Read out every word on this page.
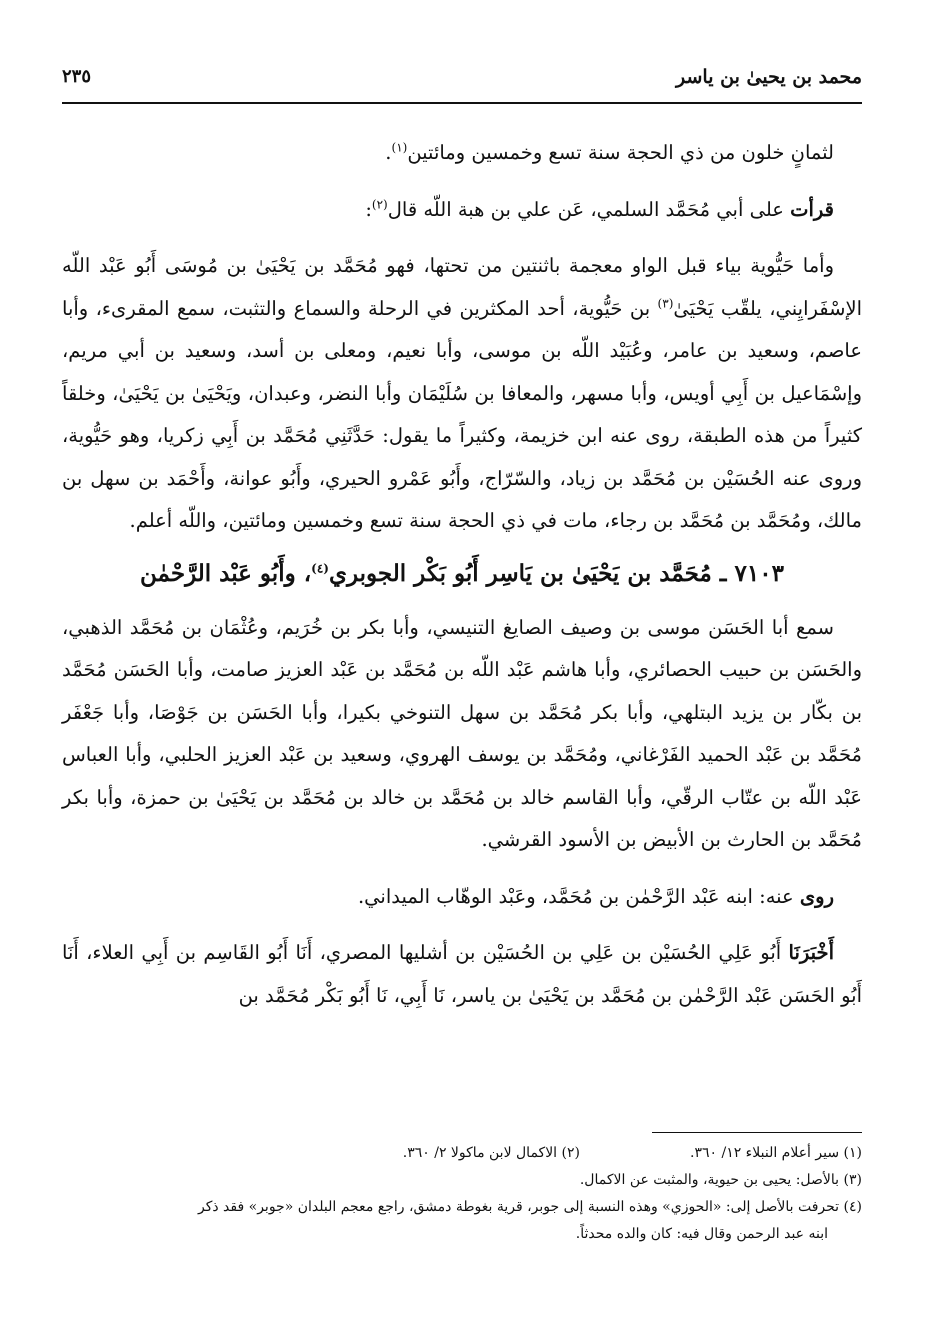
محمد بن يحيىٰ بن ياسر
٢٣٥

لثمانٍ خلون من ذي الحجة سنة تسع وخمسين ومائتين$^{(١)}$.

قرأت على أبي مُحَمَّد السلمي، عَن علي بن هبة اللّه قال$^{(٢)}$:

وأما حَيُّوية بياء قبل الواو معجمة باثنتين من تحتها، فهو مُحَمَّد بن يَحْيَىٰ بن مُوسَى أَبُو عَبْد اللّه الإسْفَرايِني، يلقّب يَحْيَىٰ$^{(٣)}$ بن حَيُّوية، أحد المكثرين في الرحلة والسماع والتثبت، سمع المقرىء، وأبا عاصم، وسعيد بن عامر، وعُبَيْد اللّه بن موسى، وأبا نعيم، ومعلى بن أسد، وسعيد بن أبي مريم، وإسْمَاعيل بن أَبِي أويس، وأبا مسهر، والمعافا بن سُلَيْمَان وأبا النضر، وعبدان، ويَحْيَىٰ بن يَحْيَىٰ، وخلقاً كثيراً من هذه الطبقة، روى عنه ابن خزيمة، وكثيراً ما يقول: حَدَّثَنِي مُحَمَّد بن أَبِي زكريا، وهو حَيُّوية، وروى عنه الحُسَيْن بن مُحَمَّد بن زياد، والسّرّاج، وأَبُو عَمْرو الحيري، وأَبُو عوانة، وأَحْمَد بن سهل بن مالك، ومُحَمَّد بن مُحَمَّد بن رجاء، مات في ذي الحجة سنة تسع وخمسين ومائتين، واللّه أعلم.

٧١٠٣ ـ مُحَمَّد بن يَحْيَىٰ بن يَاسِر أَبُو بَكْر الجوبري$^{(٤)}$، وأَبُو عَبْد الرَّحْمٰن

سمع أبا الحَسَن موسى بن وصيف الصايغ التنيسي، وأبا بكر بن خُرَيم، وعُثْمَان بن مُحَمَّد الذهبي، والحَسَن بن حبيب الحصائري، وأبا هاشم عَبْد اللّه بن مُحَمَّد بن عَبْد العزيز صامت، وأبا الحَسَن مُحَمَّد بن بكّار بن يزيد البتلهي، وأبا بكر مُحَمَّد بن سهل التنوخي بكيرا، وأبا الحَسَن بن جَوْصَا، وأبا جَعْفَر مُحَمَّد بن عَبْد الحميد الفَرْغاني، ومُحَمَّد بن يوسف الهروي، وسعيد بن عَبْد العزيز الحلبي، وأبا العباس عَبْد اللّه بن عتّاب الرقّي، وأبا القاسم خالد بن مُحَمَّد بن خالد بن مُحَمَّد بن يَحْيَىٰ بن حمزة، وأبا بكر مُحَمَّد بن الحارث بن الأبيض بن الأسود القرشي.

روى عنه: ابنه عَبْد الرَّحْمٰن بن مُحَمَّد، وعَبْد الوهّاب الميداني.

أَخْبَرَنَا أَبُو عَلِي الحُسَيْن بن عَلِي بن الحُسَيْن بن أشليها المصري، أَنَا أَبُو القَاسِم بن أَبِي العلاء، أَنَا أَبُو الحَسَن عَبْد الرَّحْمٰن بن مُحَمَّد بن يَحْيَىٰ بن ياسر، نَا أَبِي، نَا أَبُو بَكْر مُحَمَّد بن

(١) سير أعلام النبلاء ١٢/ ٣٦٠.
(٢) الاكمال لابن ماكولا ٢/ ٣٦٠.
(٣) بالأصل: يحيى بن حيوية، والمثبت عن الاكمال.
(٤) تحرفت بالأصل إلى: «الحوزي» وهذه النسبة إلى جوبر، قرية بغوطة دمشق، راجع معجم البلدان «جوبر» فقد ذكر
ابنه عبد الرحمن وقال فيه: كان والده محدثاً.
